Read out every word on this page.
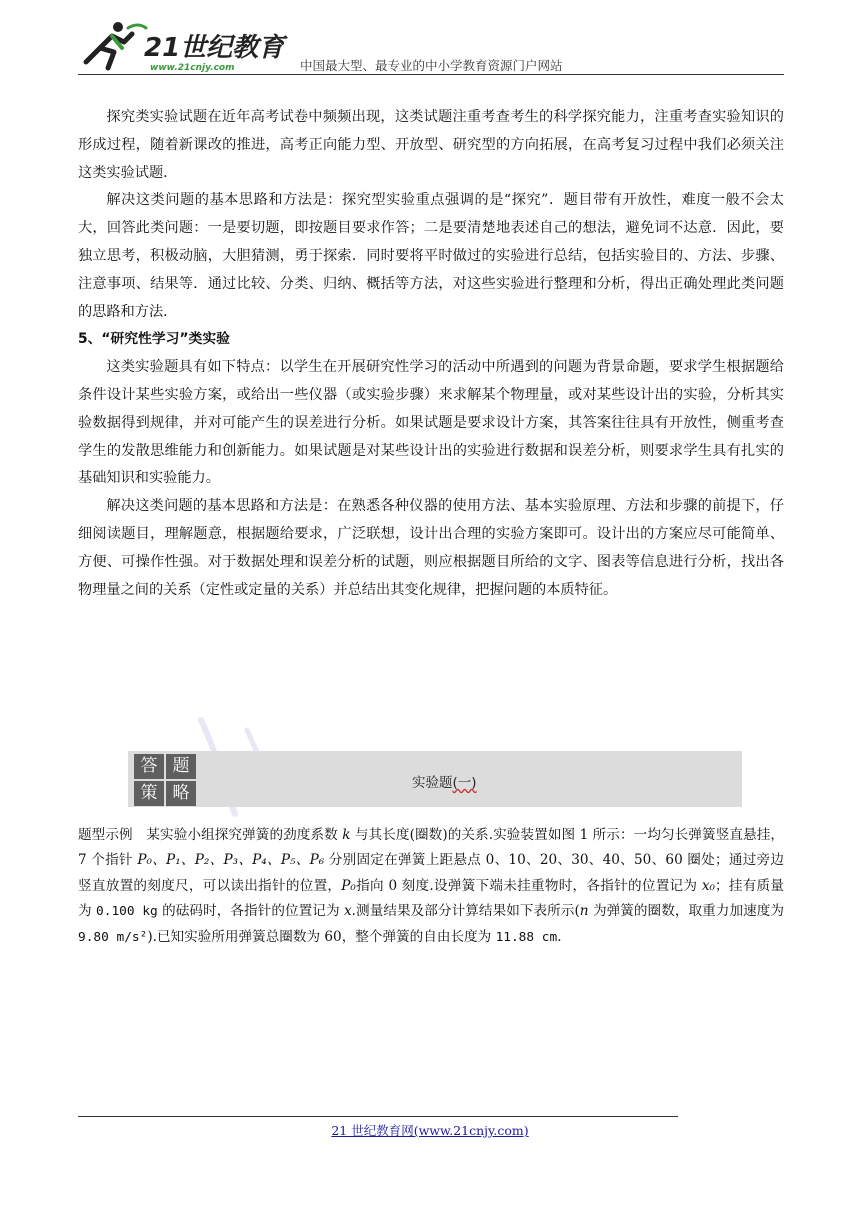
21世纪教育
www.21cnjy.com	中国最大型、最专业的中小学教育资源门户网站

探究类实验试题在近年高考试卷中频频出现，这类试题注重考查考生的科学探究能力，注重考查实验知识的形成过程，随着新课改的推进，高考正向能力型、开放型、研究型的方向拓展，在高考复习过程中我们必须关注这类实验试题.

解决这类问题的基本思路和方法是：探究型实验重点强调的是“探究”．题目带有开放性，难度一般不会太大，回答此类问题：一是要切题，即按题目要求作答；二是要清楚地表述自己的想法，避免词不达意．因此，要独立思考，积极动脑，大胆猜测，勇于探索．同时要将平时做过的实验进行总结，包括实验目的、方法、步骤、注意事项、结果等．通过比较、分类、归纳、概括等方法，对这些实验进行整理和分析，得出正确处理此类问题的思路和方法.

5、“研究性学习”类实验

这类实验题具有如下特点：以学生在开展研究性学习的活动中所遇到的问题为背景命题，要求学生根据题给条件设计某些实验方案，或给出一些仪器（或实验步骤）来求解某个物理量，或对某些设计出的实验，分析其实验数据得到规律，并对可能产生的误差进行分析。如果试题是要求设计方案，其答案往往具有开放性，侧重考查学生的发散思维能力和创新能力。如果试题是对某些设计出的实验进行数据和误差分析，则要求学生具有扎实的基础知识和实验能力。

解决这类问题的基本思路和方法是：在熟悉各种仪器的使用方法、基本实验原理、方法和步骤的前提下，仔细阅读题目，理解题意，根据题给要求，广泛联想，设计出合理的实验方案即可。设计出的方案应尽可能简单、方便、可操作性强。对于数据处理和误差分析的试题，则应根据题目所给的文字、图表等信息进行分析，找出各物理量之间的关系（定性或定量的关系）并总结出其变化规律，把握问题的本质特征。

答 题
策 略	实验题(一)

题型示例　某实验小组探究弹簧的劲度系数 k 与其长度(圈数)的关系.实验装置如图 1 所示：一均匀长弹簧竖直悬挂，7 个指针 P₀、P₁、P₂、P₃、P₄、P₅、P₆ 分别固定在弹簧上距悬点 0、10、20、30、40、50、60 圈处；通过旁边竖直放置的刻度尺，可以读出指针的位置，P₀指向 0 刻度.设弹簧下端未挂重物时，各指针的位置记为 x₀；挂有质量为 0.100 kg 的砝码时，各指针的位置记为 x.测量结果及部分计算结果如下表所示(n 为弹簧的圈数，取重力加速度为 9.80 m/s²).已知实验所用弹簧总圈数为 60，整个弹簧的自由长度为 11.88 cm.

21 世纪教育网(www.21cnjy.com)
